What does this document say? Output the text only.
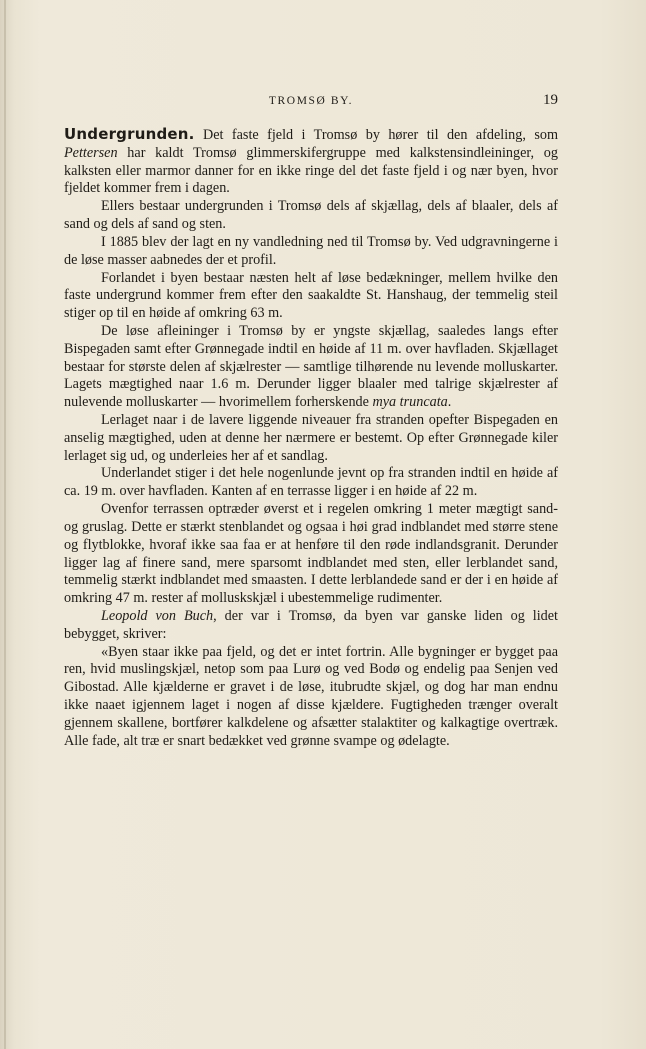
TROMSØ BY.	19

Undergrunden. Det faste fjeld i Tromsø by hører til den afdeling, som Pettersen har kaldt Tromsø glimmerskifergruppe med kalkstensindleininger, og kalksten eller marmor danner for en ikke ringe del det faste fjeld i og nær byen, hvor fjeldet kommer frem i dagen.

Ellers bestaar undergrunden i Tromsø dels af skjællag, dels af blaaler, dels af sand og dels af sand og sten.

I 1885 blev der lagt en ny vandledning ned til Tromsø by. Ved udgravningerne i de løse masser aabnedes der et profil.

Forlandet i byen bestaar næsten helt af løse bedækninger, mellem hvilke den faste undergrund kommer frem efter den saakaldte St. Hanshaug, der temmelig steil stiger op til en høide af omkring 63 m.

De løse afleininger i Tromsø by er yngste skjællag, saaledes langs efter Bispegaden samt efter Grønnegade indtil en høide af 11 m. over havfladen. Skjællaget bestaar for største delen af skjælrester — samtlige tilhørende nu levende molluskarter. Lagets mægtighed naar 1.6 m. Derunder ligger blaaler med talrige skjælrester af nulevende molluskarter — hvorimellem forherskende mya truncata.

Lerlaget naar i de lavere liggende niveauer fra stranden opefter Bispegaden en anselig mægtighed, uden at denne her nærmere er bestemt. Op efter Grønnegade kiler lerlaget sig ud, og underleies her af et sandlag.

Underlandet stiger i det hele nogenlunde jevnt op fra stranden indtil en høide af ca. 19 m. over havfladen. Kanten af en terrasse ligger i en høide af 22 m.

Ovenfor terrassen optræder øverst et i regelen omkring 1 meter mægtigt sand- og gruslag. Dette er stærkt stenblandet og ogsaa i høi grad indblandet med større stene og flytblokke, hvoraf ikke saa faa er at henføre til den røde indlandsgranit. Derunder ligger lag af finere sand, mere sparsomt indblandet med sten, eller lerblandet sand, temmelig stærkt indblandet med smaasten. I dette lerblandede sand er der i en høide af omkring 47 m. rester af molluskskjæl i ubestemmelige rudimenter.

Leopold von Buch, der var i Tromsø, da byen var ganske liden og lidet bebygget, skriver:

«Byen staar ikke paa fjeld, og det er intet fortrin. Alle bygninger er bygget paa ren, hvid muslingskjæl, netop som paa Lurø og ved Bodø og endelig paa Senjen ved Gibostad. Alle kjælderne er gravet i de løse, itubrudte skjæl, og dog har man endnu ikke naaet igjennem laget i nogen af disse kjældere. Fugtigheden trænger overalt gjennem skallene, bortfører kalkdelene og afsætter stalaktiter og kalkagtige overtræk. Alle fade, alt træ er snart bedækket ved grønne svampe og ødelagte.
